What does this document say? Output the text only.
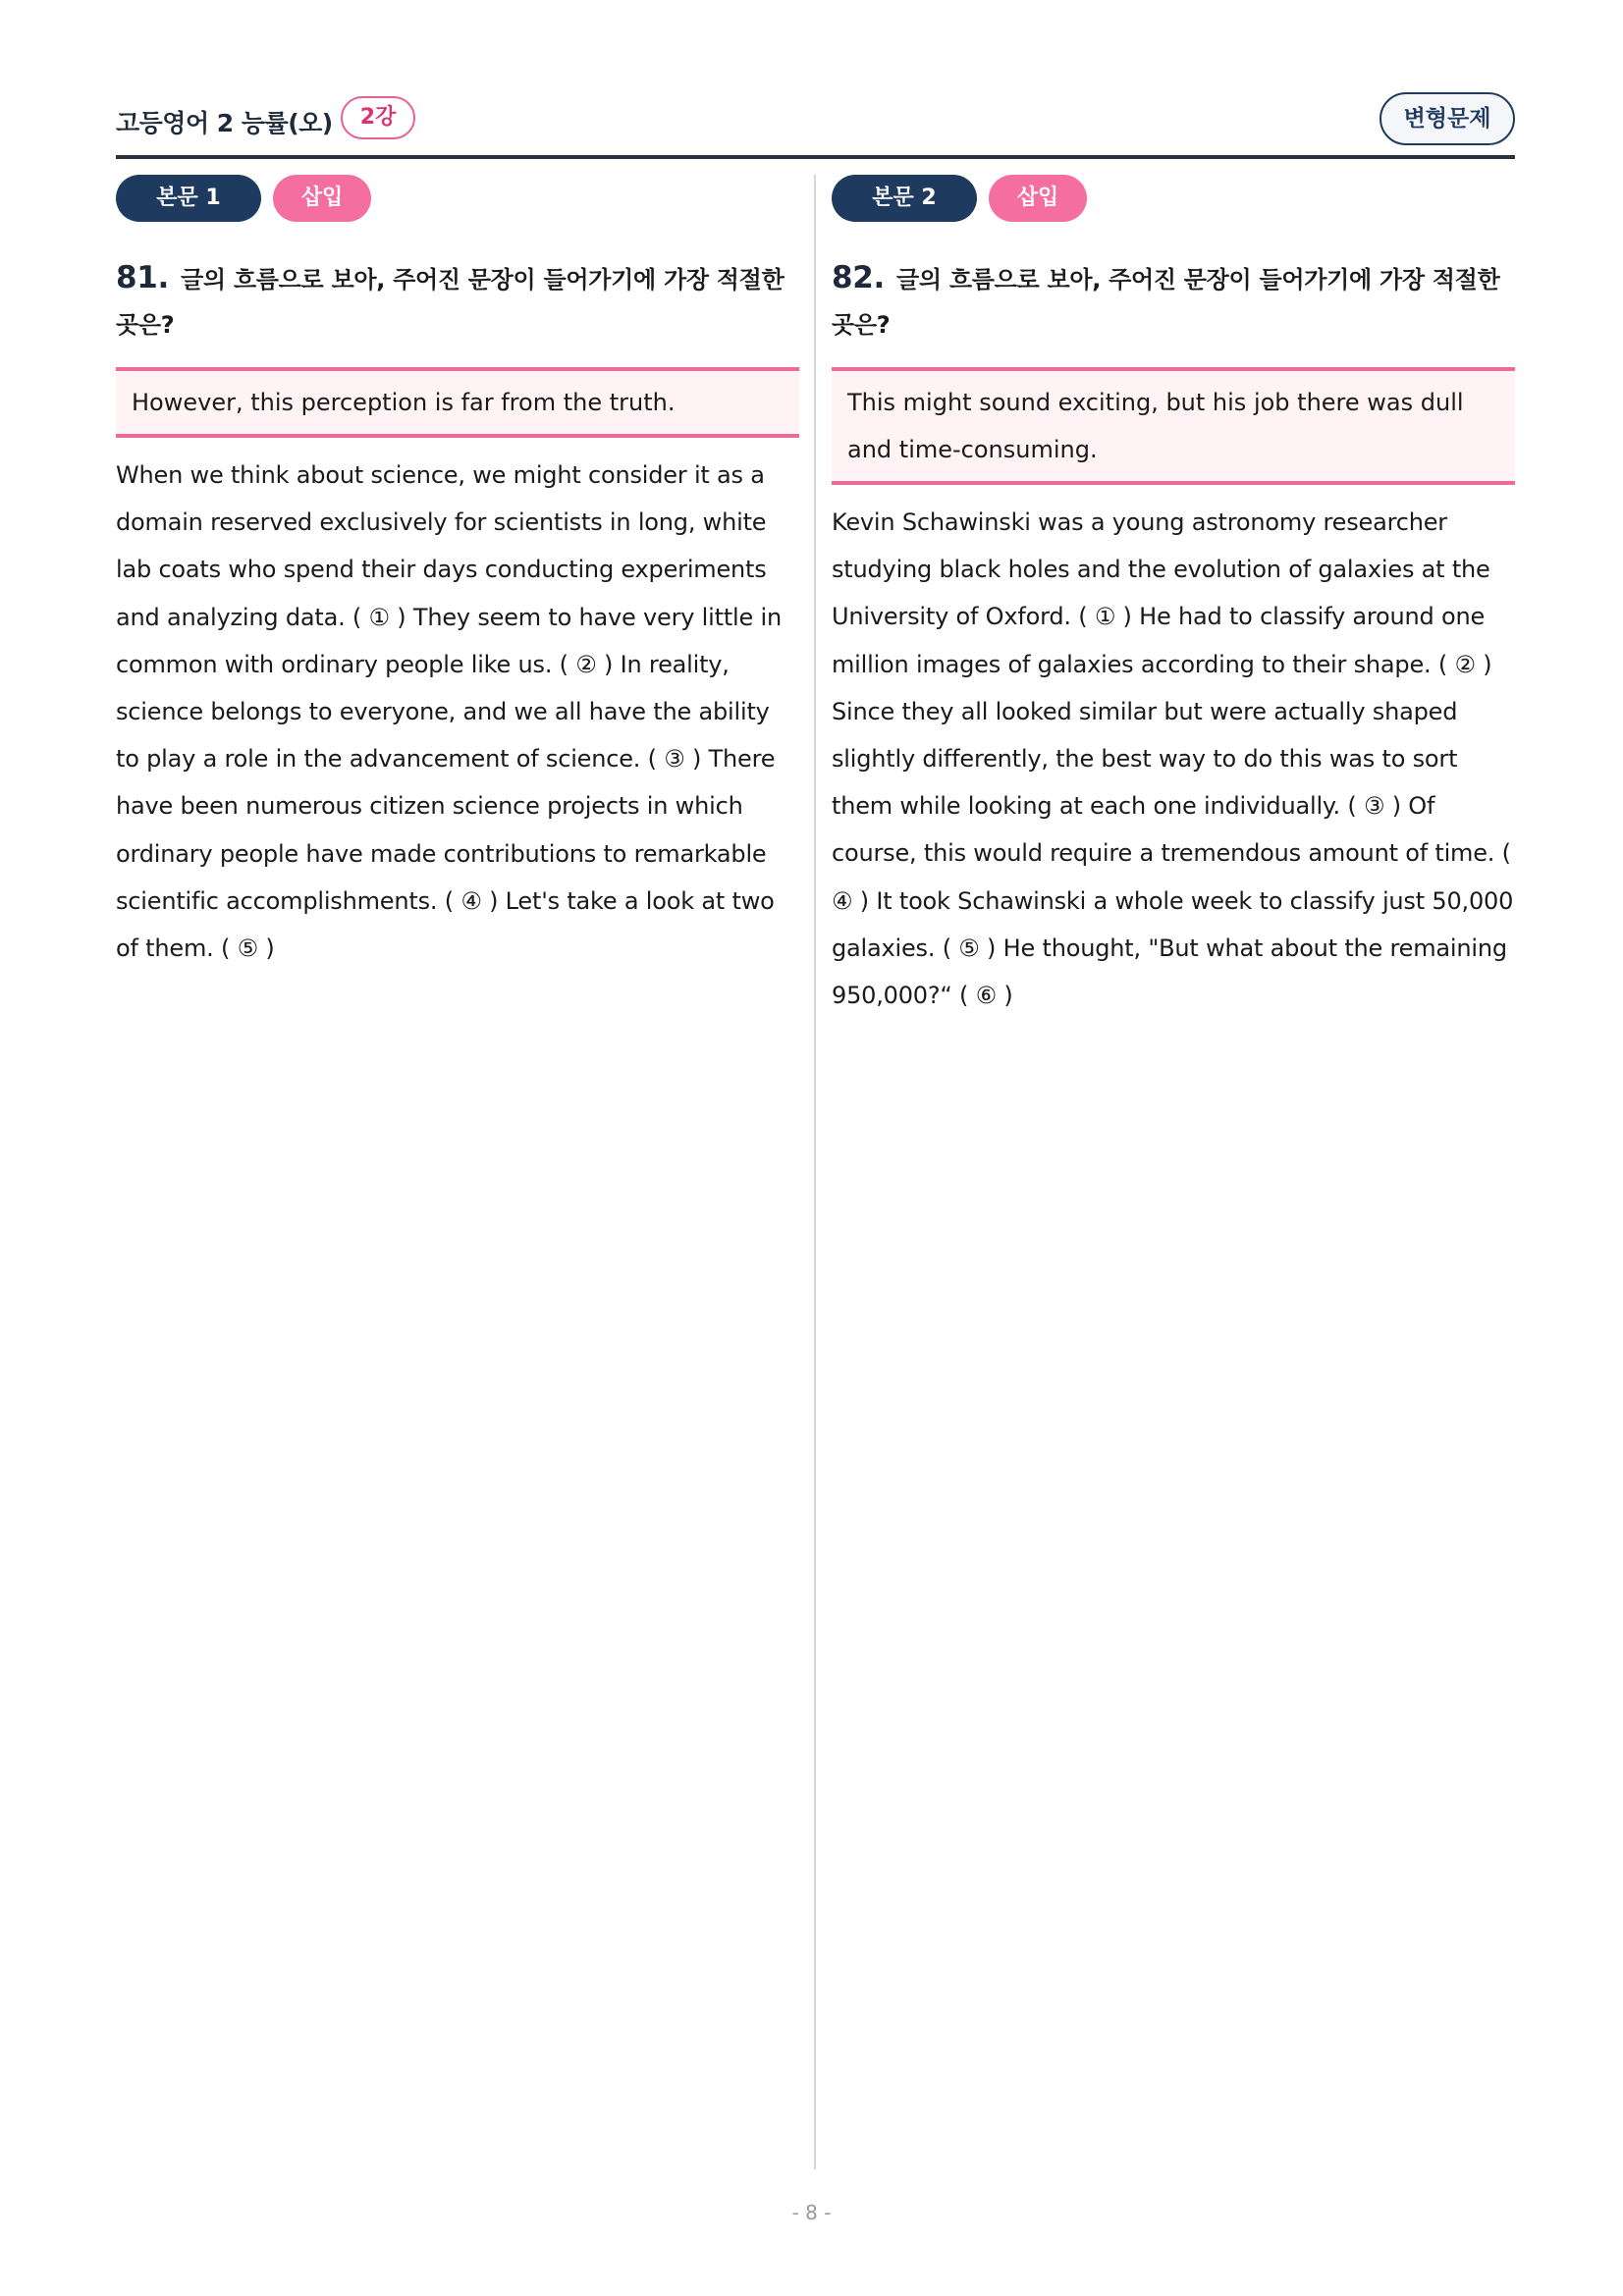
고등영어 2 능률(오)	2강	변형문제
본문 1	삽입
81. 글의 흐름으로 보아, 주어진 문장이 들어가기에 가장 적절한 곳은?
However, this perception is far from the truth.
When we think about science, we might consider it as a domain reserved exclusively for scientists in long, white lab coats who spend their days conducting experiments and analyzing data. ( ① ) They seem to have very little in common with ordinary people like us. ( ② ) In reality, science belongs to everyone, and we all have the ability to play a role in the advancement of science. ( ③ ) There have been numerous citizen science projects in which ordinary people have made contributions to remarkable scientific accomplishments. ( ④ ) Let's take a look at two of them. ( ⑤ )
본문 2	삽입
82. 글의 흐름으로 보아, 주어진 문장이 들어가기에 가장 적절한 곳은?
This might sound exciting, but his job there was dull and time-consuming.
Kevin Schawinski was a young astronomy researcher studying black holes and the evolution of galaxies at the University of Oxford. ( ① ) He had to classify around one million images of galaxies according to their shape. ( ② ) Since they all looked similar but were actually shaped slightly differently, the best way to do this was to sort them while looking at each one individually. ( ③ ) Of course, this would require a tremendous amount of time. ( ④ ) It took Schawinski a whole week to classify just 50,000 galaxies. ( ⑤ ) He thought, "But what about the remaining 950,000?“ ( ⑥ )
- 8 -
